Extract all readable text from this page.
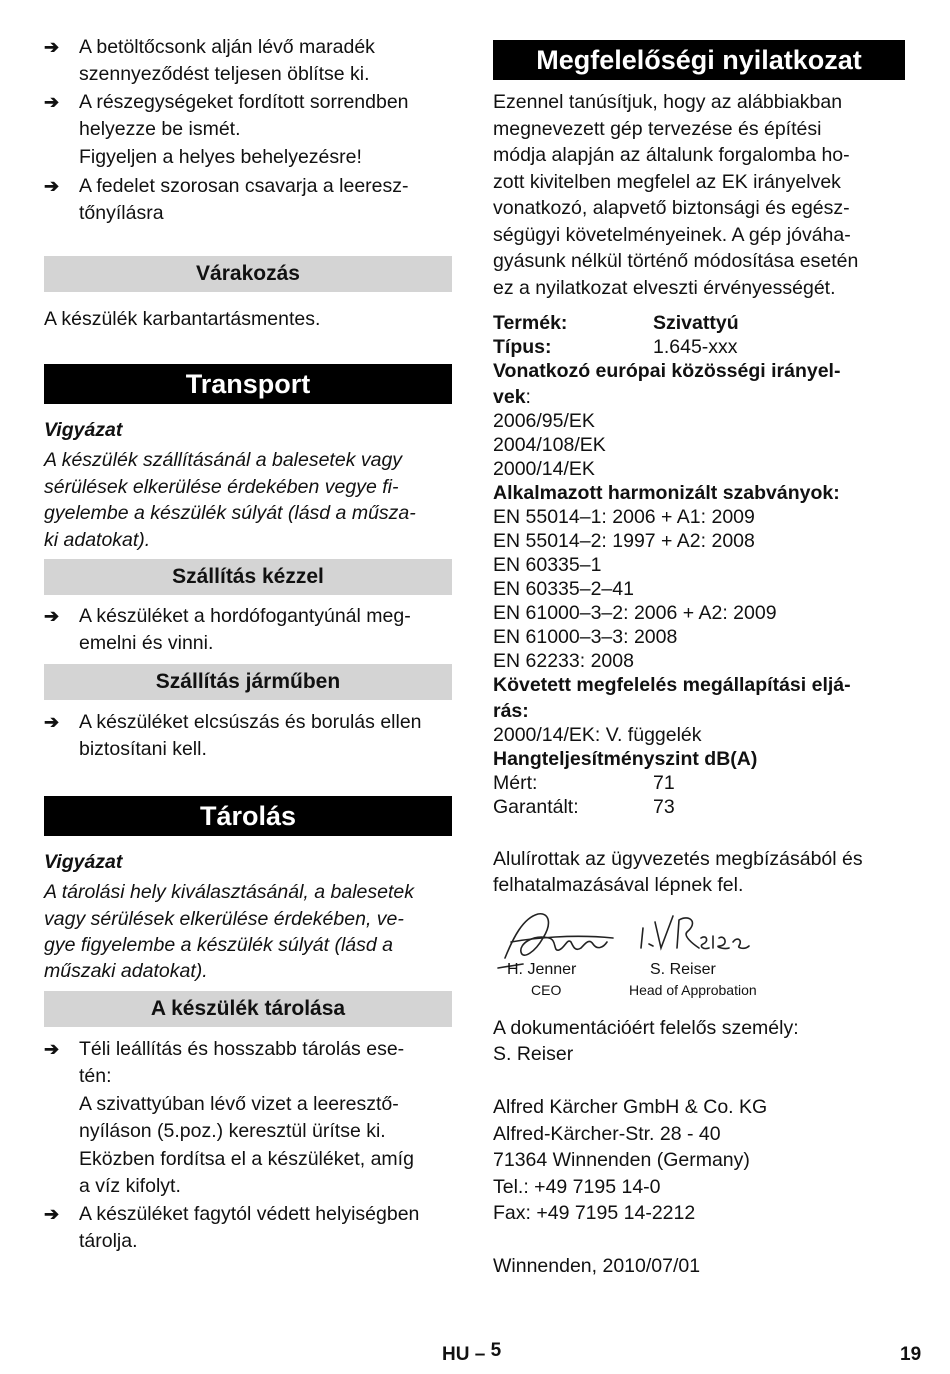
➔ A betöltőcsonk alján lévő maradék
szennyeződést teljesen öblítse ki.
➔ A részegységeket fordított sorrendben
helyezze be ismét.
Figyeljen a helyes behelyezésre!
➔ A fedelet szorosan csavarja a leeresz-
tőnyílásra
Várakozás
A készülék karbantartásmentes.
Transport
Vigyázat
A készülék szállításánál a balesetek vagy
sérülések elkerülése érdekében vegye fi-
gyelembe a készülék súlyát (lásd a műsza-
ki adatokat).
Szállítás kézzel
➔ A készüléket a hordófogantyúnál meg-
emelni és vinni.
Szállítás járműben
➔ A készüléket elcsúszás és borulás ellen
biztosítani kell.
Tárolás
Vigyázat
A tárolási hely kiválasztásánál, a balesetek
vagy sérülések elkerülése érdekében, ve-
gye figyelembe a készülék súlyát (lásd a
műszaki adatokat).
A készülék tárolása
➔ Téli leállítás és hosszabb tárolás ese-
tén:
A szivattyúban lévő vizet a leeresztő-
nyíláson (5.poz.) keresztül ürítse ki.
Eközben fordítsa el a készüléket, amíg
a víz kifolyt.
➔ A készüléket fagytól védett helyiségben
tárolja.
Megfelelőségi nyilatkozat
Ezennel tanúsítjuk, hogy az alábbiakban
megnevezett gép tervezése és építési
módja alapján az általunk forgalomba ho-
zott kivitelben megfelel az EK irányelvek
vonatkozó, alapvető biztonsági és egész-
ségügyi követelményeinek. A gép jóváha-
gyásunk nélkül történő módosítása esetén
ez a nyilatkozat elveszti érvényességét.
Termék:	Szivattyú
Típus:	1.645-xxx
Vonatkozó európai közösségi irányel-
vek:
2006/95/EK
2004/108/EK
2000/14/EK
Alkalmazott harmonizált szabványok:
EN 55014–1: 2006 + A1: 2009
EN 55014–2: 1997 + A2: 2008
EN 60335–1
EN 60335–2–41
EN 61000–3–2: 2006 + A2: 2009
EN 61000–3–3: 2008
EN 62233: 2008
Követett megfelelés megállapítási eljá-
rás:
2000/14/EK: V. függelék
Hangteljesítményszint dB(A)
Mért:	71
Garantált:	73
Alulírottak az ügyvezetés megbízásából és
felhatalmazásával lépnek fel.
H. Jenner
CEO
S. Reiser
Head of Approbation
A dokumentációért felelős személy:
S. Reiser
Alfred Kärcher GmbH & Co. KG
Alfred-Kärcher-Str. 28 - 40
71364 Winnenden (Germany)
Tel.: +49 7195 14-0
Fax: +49 7195 14-2212
Winnenden, 2010/07/01
HU – 5	19
